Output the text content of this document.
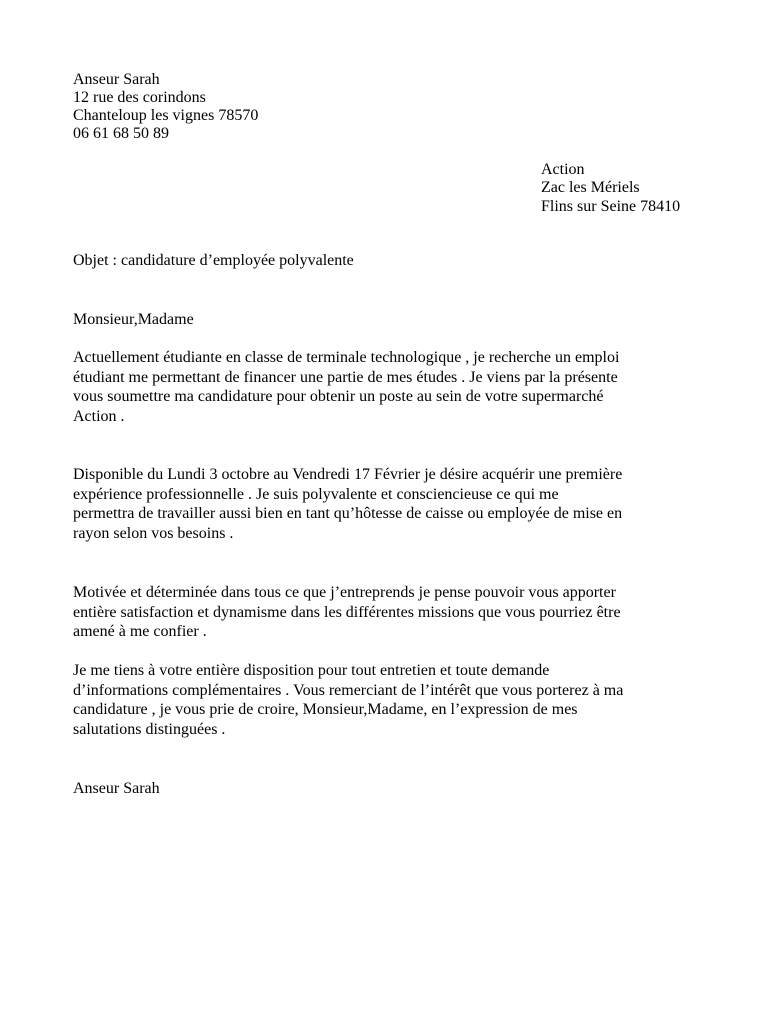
Anseur Sarah
12 rue des corindons
Chanteloup les vignes 78570
06 61 68 50 89
Action
Zac les Mériels
Flins sur Seine 78410
Objet : candidature d’employée polyvalente
Monsieur,Madame
Actuellement étudiante en classe de terminale technologique , je recherche un emploi
étudiant me permettant de financer une partie de mes études . Je viens par la présente
vous soumettre ma candidature pour obtenir un poste au sein de votre supermarché
Action .
Disponible du Lundi 3 octobre au Vendredi 17 Février je désire acquérir une première
expérience professionnelle . Je suis polyvalente et consciencieuse ce qui me
permettra de travailler aussi bien en tant qu’hôtesse de caisse ou employée de mise en
rayon selon vos besoins .
Motivée et déterminée dans tous ce que j’entreprends je pense pouvoir vous apporter
entière satisfaction et dynamisme dans les différentes missions que vous pourriez être
amené à me confier .
Je me tiens à votre entière disposition pour tout entretien et toute demande
d’informations complémentaires . Vous remerciant de l’intérêt que vous porterez à ma
candidature , je vous prie de croire, Monsieur,Madame, en l’expression de mes
salutations distinguées .
Anseur Sarah
